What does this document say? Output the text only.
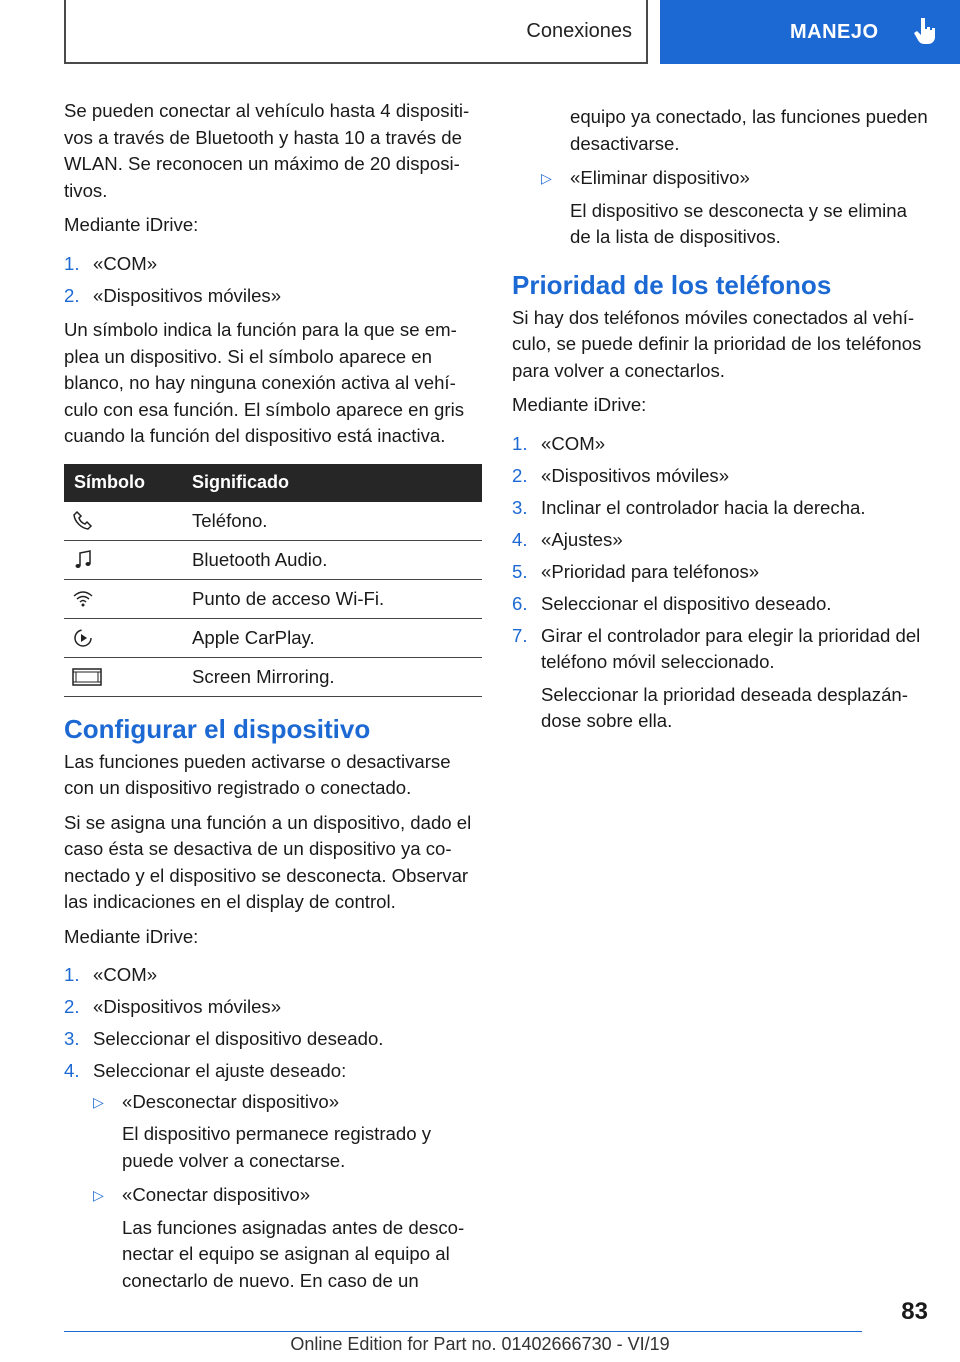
Conexiones	MANEJO

Se pueden conectar al vehículo hasta 4 dispositivos a través de Bluetooth y hasta 10 a través de WLAN. Se reconocen un máximo de 20 dispositivos.

Mediante iDrive:

1. «COM»
2. «Dispositivos móviles»

Un símbolo indica la función para la que se emplea un dispositivo. Si el símbolo aparece en blanco, no hay ninguna conexión activa al vehículo con esa función. El símbolo aparece en gris cuando la función del dispositivo está inactiva.

Símbolo	Significado

	Teléfono.

	Bluetooth Audio.

	Punto de acceso Wi-Fi.

	Apple CarPlay.

	Screen Mirroring.
Configurar el dispositivo

Las funciones pueden activarse o desactivarse con un dispositivo registrado o conectado.

Si se asigna una función a un dispositivo, dado el caso ésta se desactiva de un dispositivo ya conectado y el dispositivo se desconecta. Observar las indicaciones en el display de control.

Mediante iDrive:

1. «COM»
2. «Dispositivos móviles»
3. Seleccionar el dispositivo deseado.
4. Seleccionar el ajuste deseado:
▷ «Desconectar dispositivo»
El dispositivo permanece registrado y puede volver a conectarse.
▷ «Conectar dispositivo»
Las funciones asignadas antes de desconectar el equipo se asignan al equipo al conectarlo de nuevo. En caso de un
equipo ya conectado, las funciones pueden desactivarse.
▷ «Eliminar dispositivo»
El dispositivo se desconecta y se elimina de la lista de dispositivos.
Prioridad de los teléfonos

Si hay dos teléfonos móviles conectados al vehículo, se puede definir la prioridad de los teléfonos para volver a conectarlos.

Mediante iDrive:

1. «COM»
2. «Dispositivos móviles»
3. Inclinar el controlador hacia la derecha.
4. «Ajustes»
5. «Prioridad para teléfonos»
6. Seleccionar el dispositivo deseado.
7. Girar el controlador para elegir la prioridad del teléfono móvil seleccionado.
Seleccionar la prioridad deseada desplazándose sobre ella.
83
Online Edition for Part no. 01402666730 - VI/19
